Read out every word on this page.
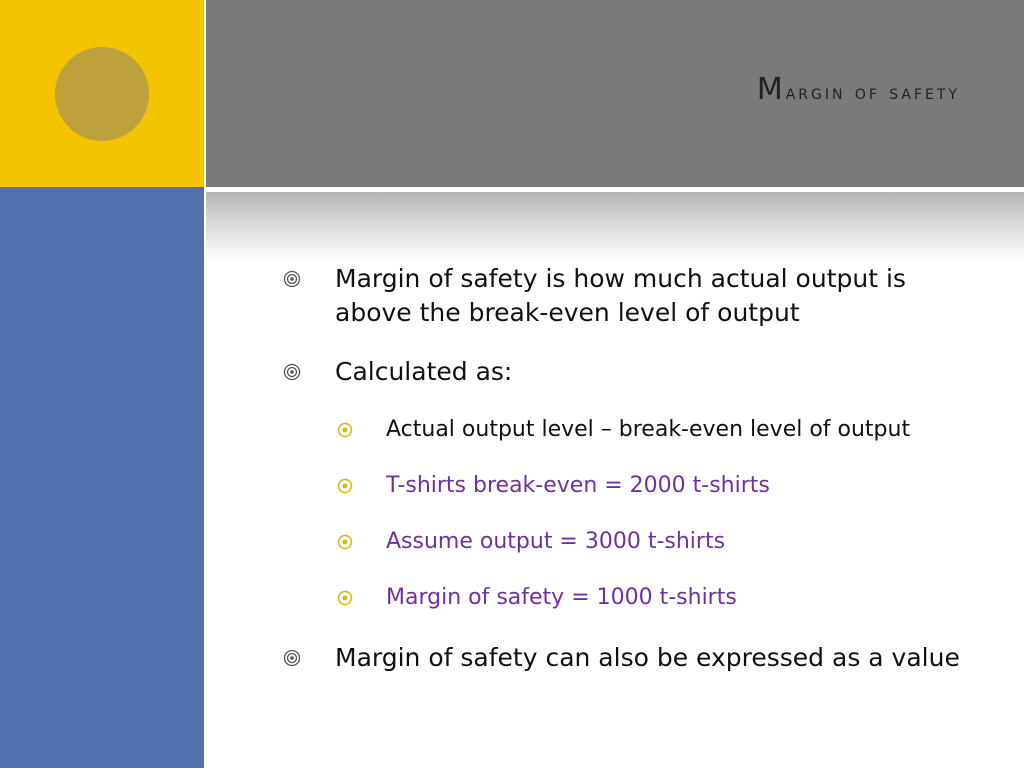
Margin of safety
Margin of safety is how much actual output is above the break-even level of output
Calculated as:
Actual output level – break-even level of output
T-shirts break-even = 2000 t-shirts
Assume output = 3000 t-shirts
Margin of safety = 1000 t-shirts
Margin of safety can also be expressed as a value
